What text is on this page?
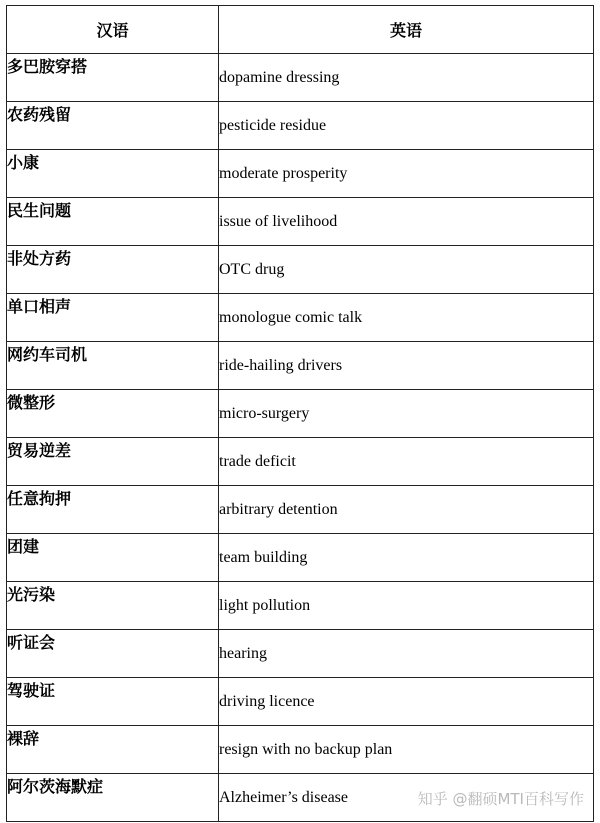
汉语	英语
多巴胺穿搭	dopamine dressing
农药残留	pesticide residue
小康	moderate prosperity
民生问题	issue of livelihood
非处方药	OTC drug
单口相声	monologue comic talk
网约车司机	ride-hailing drivers
微整形	micro-surgery
贸易逆差	trade deficit
任意拘押	arbitrary detention
团建	team building
光污染	light pollution
听证会	hearing
驾驶证	driving licence
裸辞	resign with no backup plan
阿尔茨海默症	Alzheimer’s disease	知乎 @翻硕MTI百科写作
